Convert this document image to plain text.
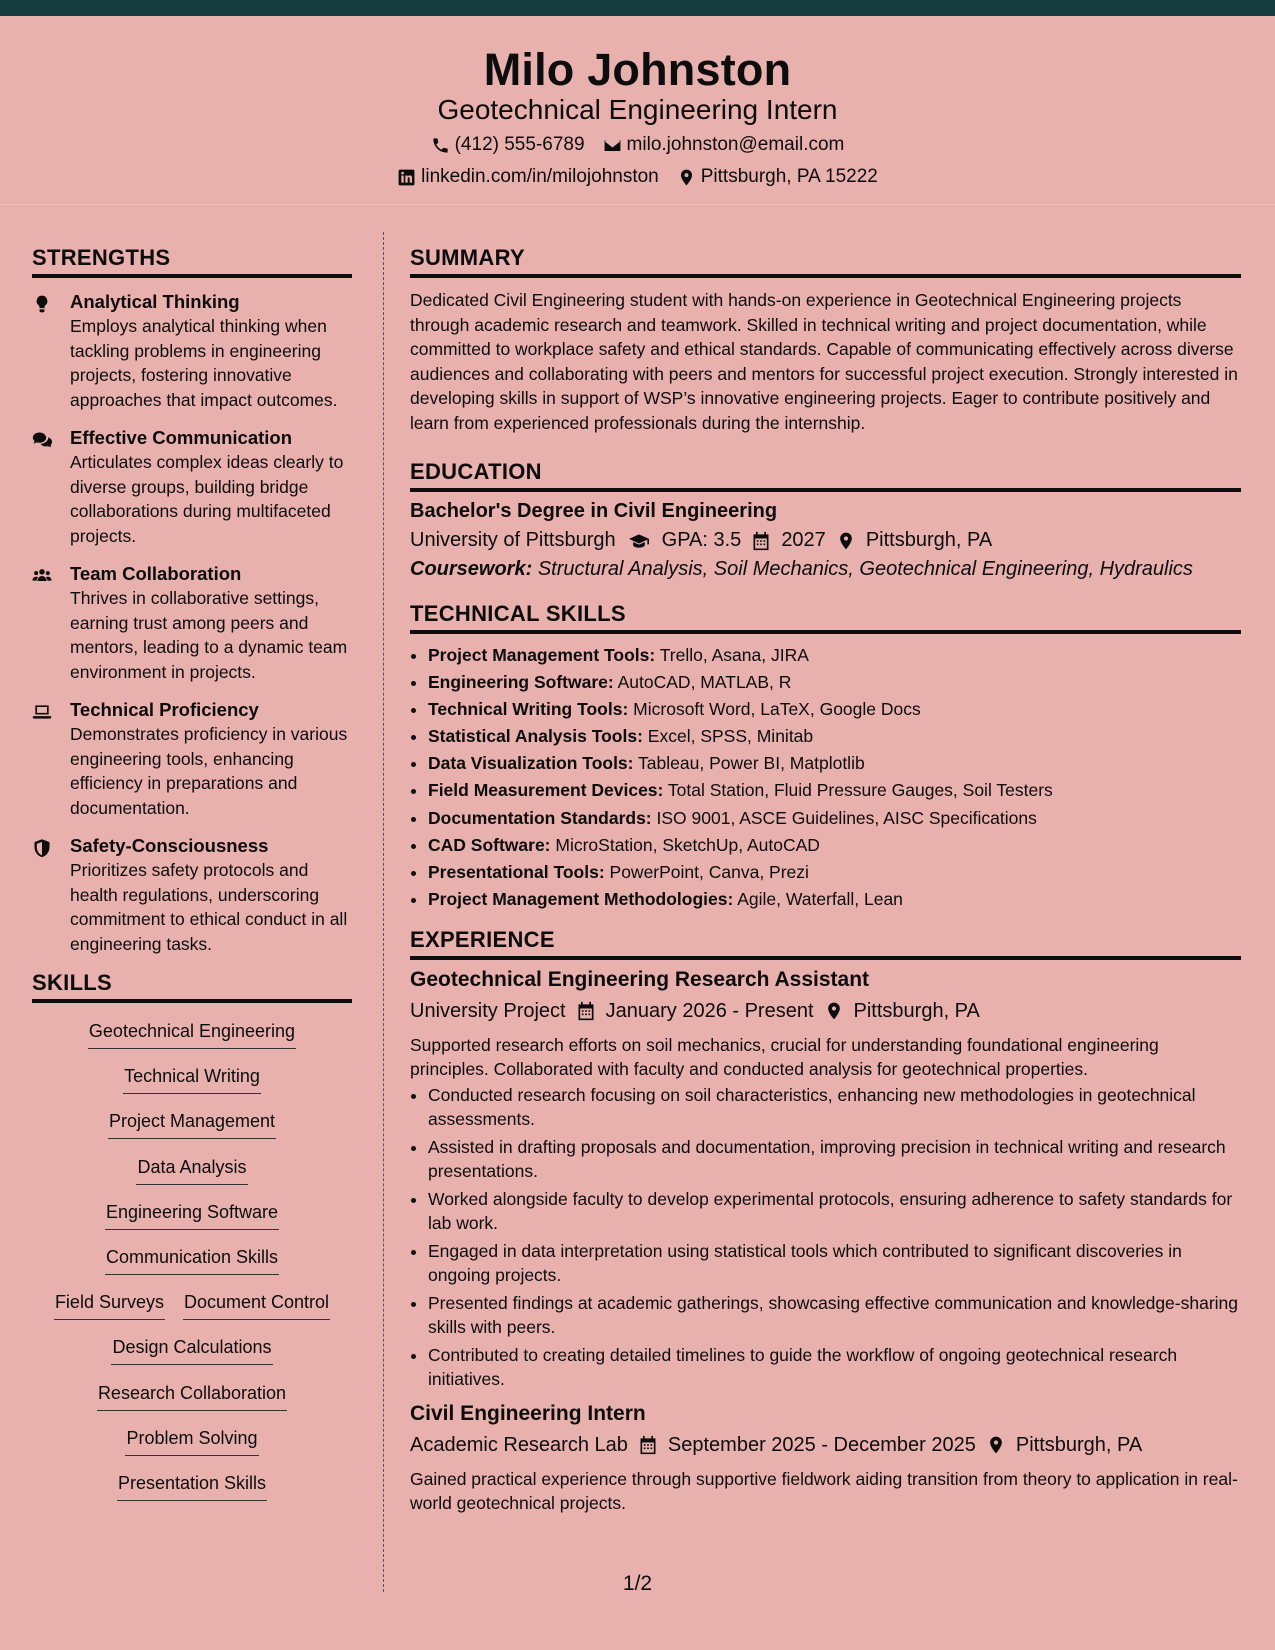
Milo Johnston
Geotechnical Engineering Intern
(412) 555-6789 milo.johnston@email.com
linkedin.com/in/milojohnston Pittsburgh, PA 15222
STRENGTHS
Analytical Thinking
Employs analytical thinking when tackling problems in engineering projects, fostering innovative approaches that impact outcomes.
Effective Communication
Articulates complex ideas clearly to diverse groups, building bridge collaborations during multifaceted projects.
Team Collaboration
Thrives in collaborative settings, earning trust among peers and mentors, leading to a dynamic team environment in projects.
Technical Proficiency
Demonstrates proficiency in various engineering tools, enhancing efficiency in preparations and documentation.
Safety-Consciousness
Prioritizes safety protocols and health regulations, underscoring commitment to ethical conduct in all engineering tasks.
SKILLS
Geotechnical Engineering
Technical Writing
Project Management
Data Analysis
Engineering Software
Communication Skills
Field Surveys Document Control
Design Calculations
Research Collaboration
Problem Solving
Presentation Skills
SUMMARY
Dedicated Civil Engineering student with hands-on experience in Geotechnical Engineering projects through academic research and teamwork. Skilled in technical writing and project documentation, while committed to workplace safety and ethical standards. Capable of communicating effectively across diverse audiences and collaborating with peers and mentors for successful project execution. Strongly interested in developing skills in support of WSP’s innovative engineering projects. Eager to contribute positively and learn from experienced professionals during the internship.
EDUCATION
Bachelor's Degree in Civil Engineering
University of Pittsburgh GPA: 3.5 2027 Pittsburgh, PA
Coursework: Structural Analysis, Soil Mechanics, Geotechnical Engineering, Hydraulics
TECHNICAL SKILLS
• Project Management Tools: Trello, Asana, JIRA
• Engineering Software: AutoCAD, MATLAB, R
• Technical Writing Tools: Microsoft Word, LaTeX, Google Docs
• Statistical Analysis Tools: Excel, SPSS, Minitab
• Data Visualization Tools: Tableau, Power BI, Matplotlib
• Field Measurement Devices: Total Station, Fluid Pressure Gauges, Soil Testers
• Documentation Standards: ISO 9001, ASCE Guidelines, AISC Specifications
• CAD Software: MicroStation, SketchUp, AutoCAD
• Presentational Tools: PowerPoint, Canva, Prezi
• Project Management Methodologies: Agile, Waterfall, Lean
EXPERIENCE
Geotechnical Engineering Research Assistant
University Project January 2026 - Present Pittsburgh, PA
Supported research efforts on soil mechanics, crucial for understanding foundational engineering principles. Collaborated with faculty and conducted analysis for geotechnical properties.
• Conducted research focusing on soil characteristics, enhancing new methodologies in geotechnical assessments.
• Assisted in drafting proposals and documentation, improving precision in technical writing and research presentations.
• Worked alongside faculty to develop experimental protocols, ensuring adherence to safety standards for lab work.
• Engaged in data interpretation using statistical tools which contributed to significant discoveries in ongoing projects.
• Presented findings at academic gatherings, showcasing effective communication and knowledge-sharing skills with peers.
• Contributed to creating detailed timelines to guide the workflow of ongoing geotechnical research initiatives.
Civil Engineering Intern
Academic Research Lab September 2025 - December 2025 Pittsburgh, PA
Gained practical experience through supportive fieldwork aiding transition from theory to application in real-world geotechnical projects.
1/2
